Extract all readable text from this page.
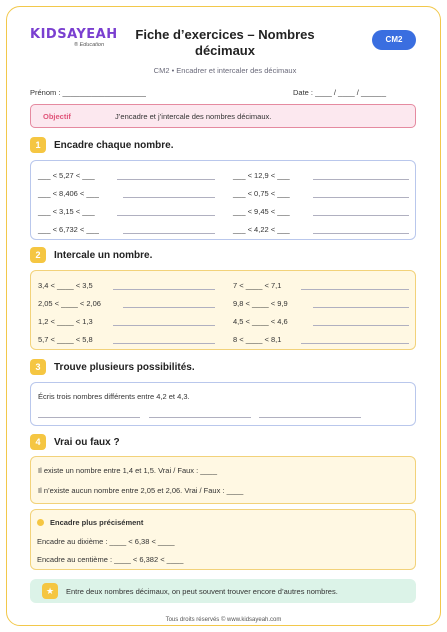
KIDSAYEAH
® Education
Fiche d’exercices – Nombres décimaux
CM2 • Encadrer et intercaler des décimaux
CM2
Prénom : ____________________	Date : ____ / ____ / ______
Objectif	J’encadre et j’intercale des nombres décimaux.
1	Encadre chaque nombre.
___ < 5,27 < ___
___ < 8,406 < ___
___ < 3,15 < ___
___ < 6,732 < ___
___ < 12,9 < ___
___ < 0,75 < ___
___ < 9,45 < ___
___ < 4,22 < ___
2	Intercale un nombre.
3,4 < ____ < 3,5
2,05 < ____ < 2,06
1,2 < ____ < 1,3
5,7 < ____ < 5,8
7 < ____ < 7,1
9,8 < ____ < 9,9
4,5 < ____ < 4,6
8 < ____ < 8,1
3	Trouve plusieurs possibilités.
Écris trois nombres différents entre 4,2 et 4,3.
4	Vrai ou faux ?
Il existe un nombre entre 1,4 et 1,5. Vrai / Faux : ____
Il n’existe aucun nombre entre 2,05 et 2,06. Vrai / Faux : ____
Encadre plus précisément
Encadre au dixième : ____ < 6,38 < ____
Encadre au centième : ____ < 6,382 < ____
★	Entre deux nombres décimaux, on peut souvent trouver encore d’autres nombres.
Tous droits réservés © www.kidsayeah.com
